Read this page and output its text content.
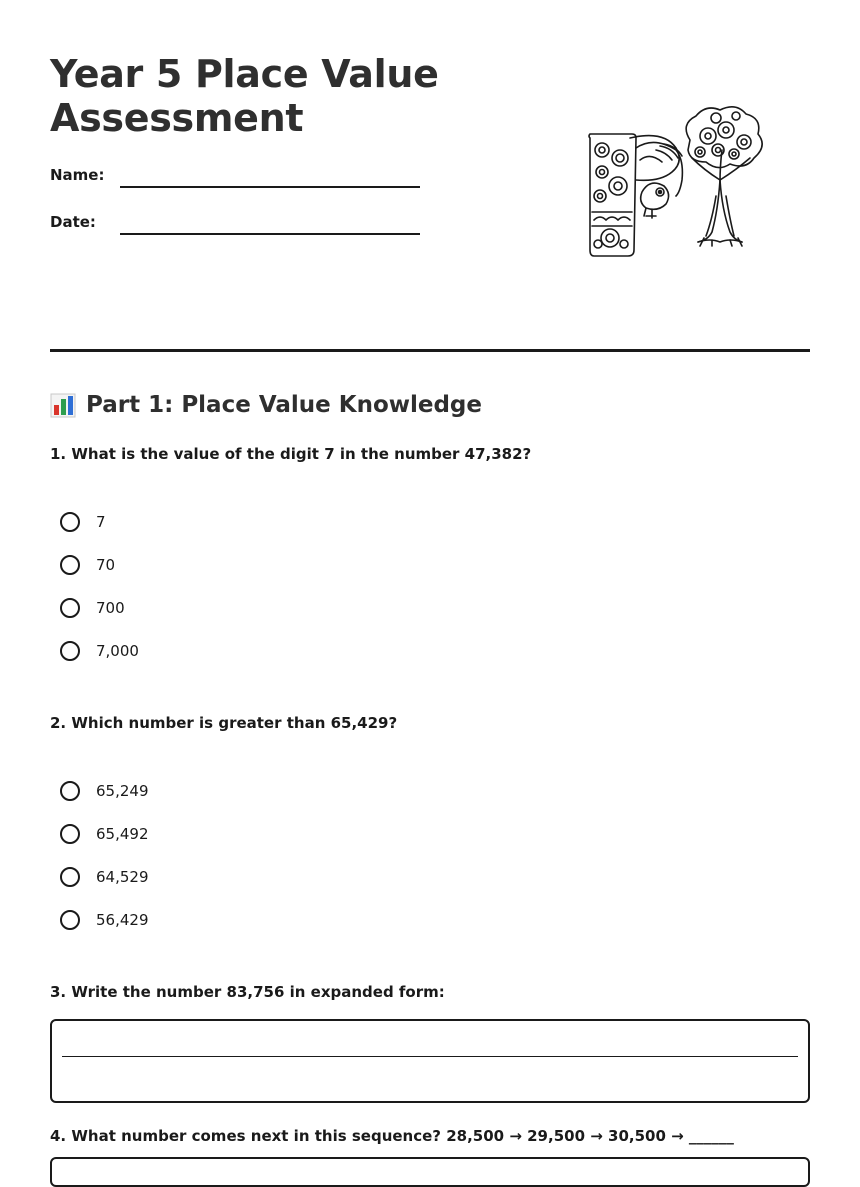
Year 5 Place Value Assessment
Name:
Date:
Part 1: Place Value Knowledge
1. What is the value of the digit 7 in the number 47,382?
7
70
700
7,000
2. Which number is greater than 65,429?
65,249
65,492
64,529
56,429
3. Write the number 83,756 in expanded form:
4. What number comes next in this sequence? 28,500 → 29,500 → 30,500 → ______
